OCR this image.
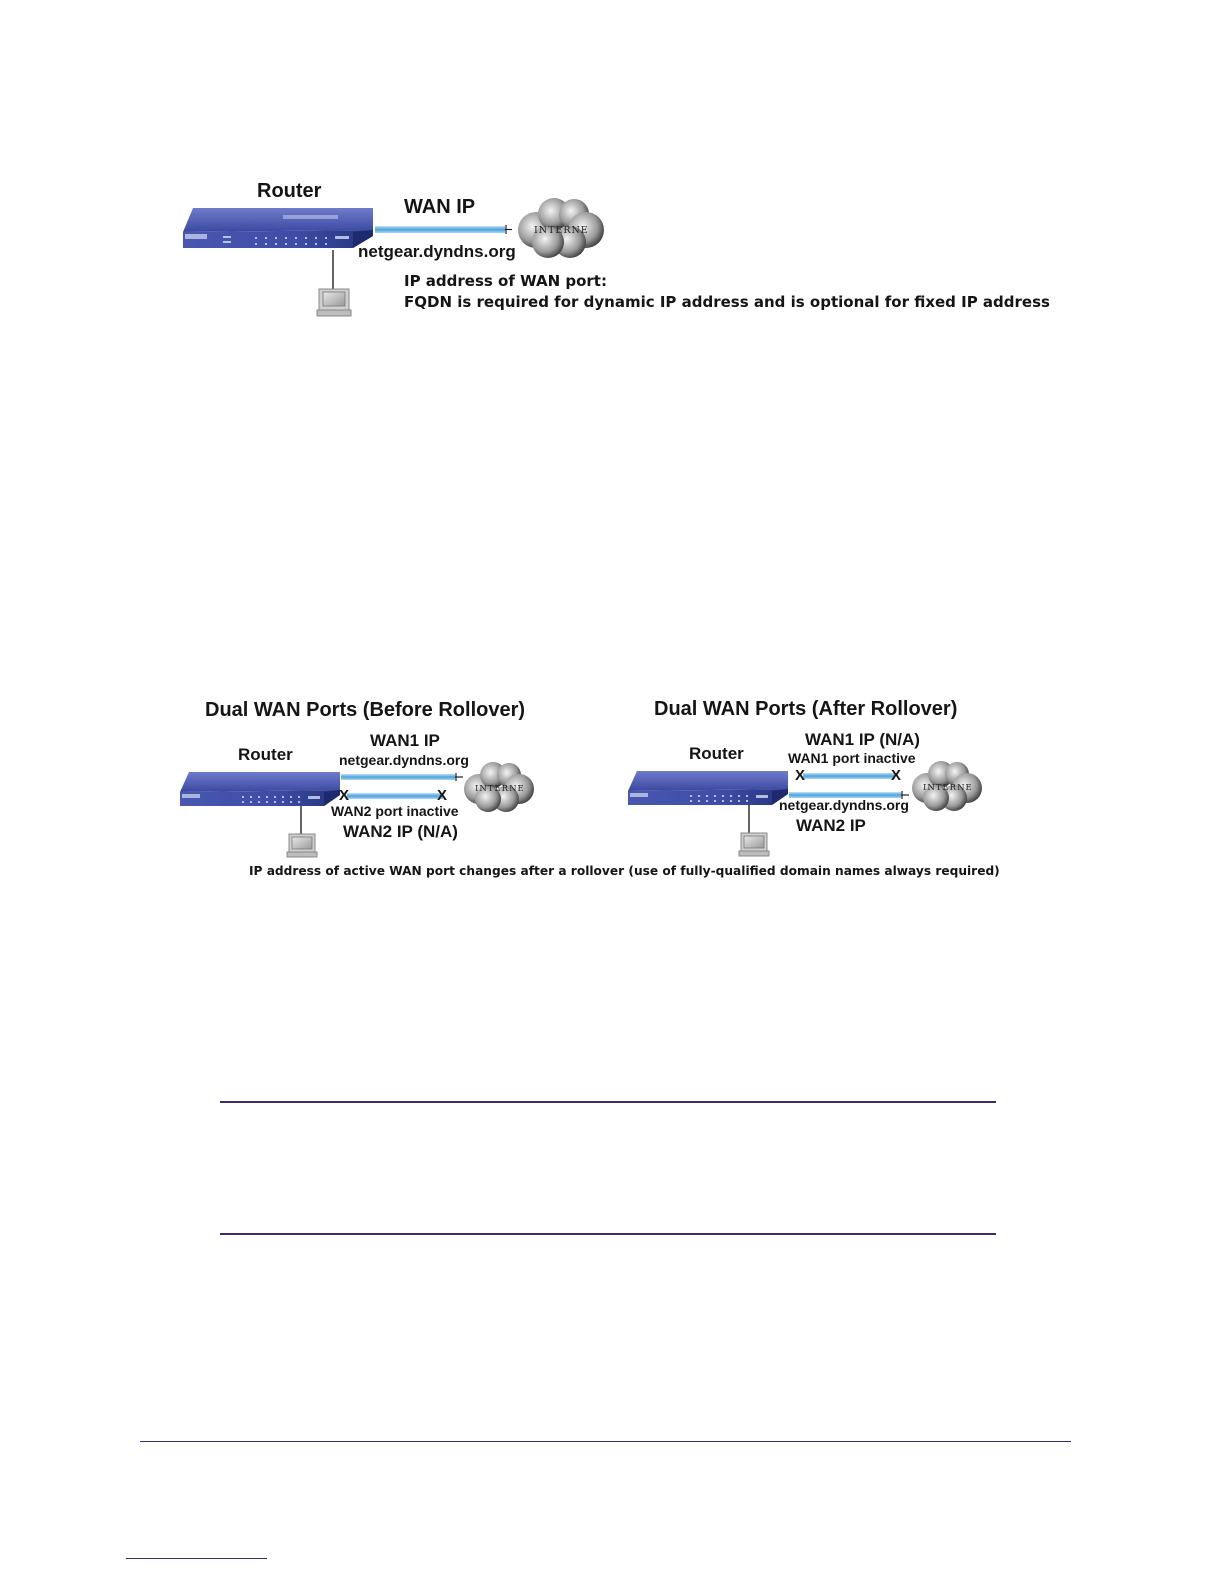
Router
WAN IP
netgear.dyndns.org
INTERNE
IP address of WAN port:
FQDN is required for dynamic IP address and is optional for fixed IP address
Dual WAN Ports (Before Rollover)
Router
WAN1 IP
netgear.dyndns.org
X	X
WAN2 port inactive
WAN2 IP (N/A)
INTERNE
Dual WAN Ports (After Rollover)
Router
WAN1 IP (N/A)
WAN1 port inactive
X	X
netgear.dyndns.org
WAN2 IP
INTERNE
IP address of active WAN port changes after a rollover (use of fully-qualified domain names always required)
